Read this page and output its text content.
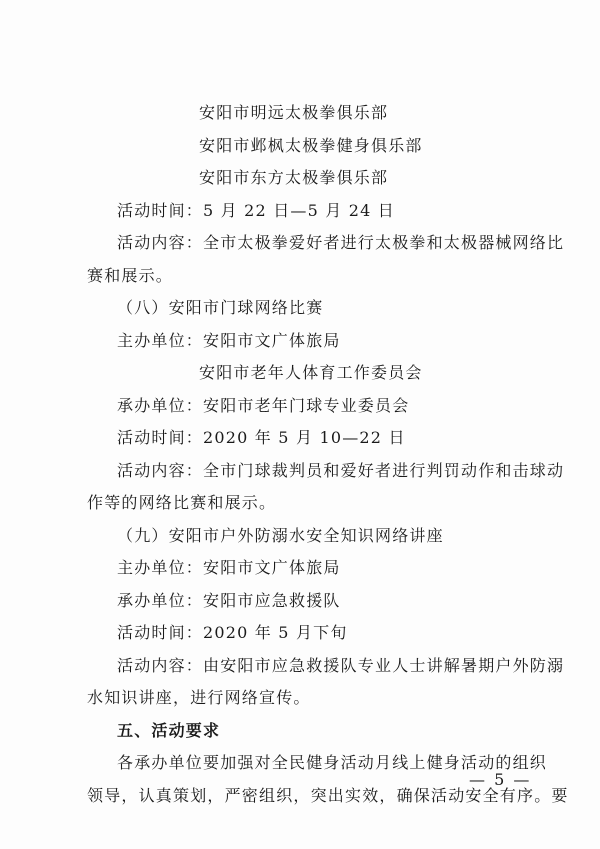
安阳市明远太极拳俱乐部
安阳市邺枫太极拳健身俱乐部
安阳市东方太极拳俱乐部
活动时间：5 月 22 日—5 月 24 日
活动内容：全市太极拳爱好者进行太极拳和太极器械网络比
赛和展示。
（八）安阳市门球网络比赛
主办单位：安阳市文广体旅局
安阳市老年人体育工作委员会
承办单位：安阳市老年门球专业委员会
活动时间：2020 年 5 月 10—22 日
活动内容：全市门球裁判员和爱好者进行判罚动作和击球动
作等的网络比赛和展示。
（九）安阳市户外防溺水安全知识网络讲座
主办单位：安阳市文广体旅局
承办单位：安阳市应急救援队
活动时间：2020 年 5 月下旬
活动内容：由安阳市应急救援队专业人士讲解暑期户外防溺
水知识讲座，进行网络宣传。
五、活动要求
各承办单位要加强对全民健身活动月线上健身活动的组织
领导，认真策划，严密组织，突出实效，确保活动安全有序。要
— 5 —
